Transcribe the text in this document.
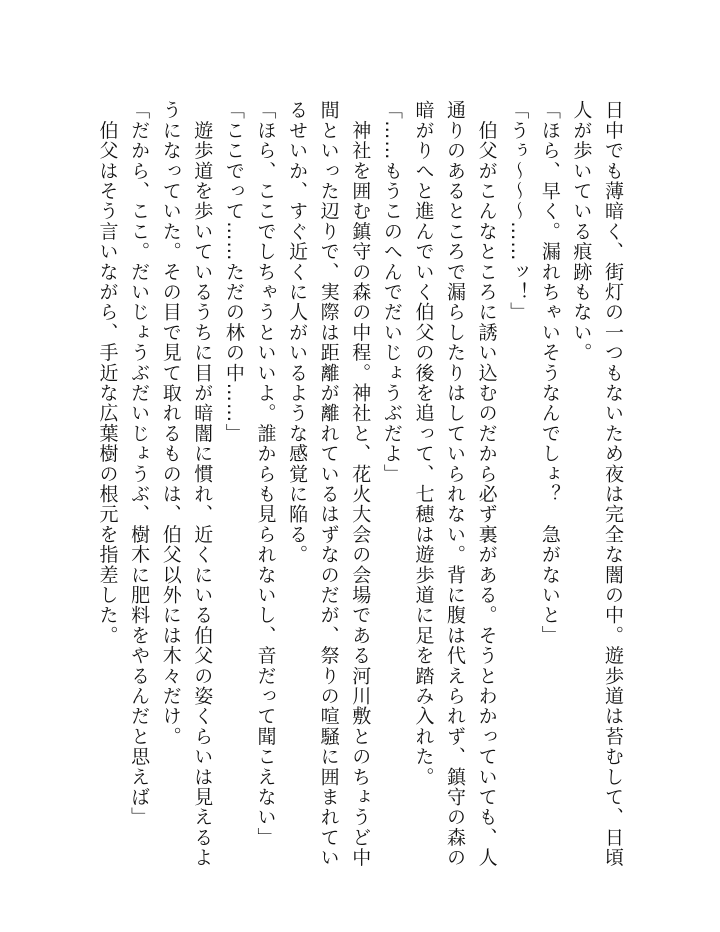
日中でも薄暗く、街灯の一つもないため夜は完全な闇の中。遊歩道は苔むして、日頃人が歩いている痕跡もない。

「ほら、早く。漏れちゃいそうなんでしょ？　急がないと」

「うぅ～～～……ッ！」

　伯父がこんなところに誘い込むのだから必ず裏がある。そうとわかっていても、人通りのあるところで漏らしたりはしていられない。背に腹は代えられず、鎮守の森の暗がりへと進んでいく伯父の後を追って、七穂は遊歩道に足を踏み入れた。

「……もうこのへんでだいじょうぶだよ」

　神社を囲む鎮守の森の中程。神社と、花火大会の会場である河川敷とのちょうど中間といった辺りで、実際は距離が離れているはずなのだが、祭りの喧騒に囲まれているせいか、すぐ近くに人がいるような感覚に陥る。

「ほら、ここでしちゃうといいよ。誰からも見られないし、音だって聞こえない」

「ここでって……ただの林の中……」

　遊歩道を歩いているうちに目が暗闇に慣れ、近くにいる伯父の姿くらいは見えるようになっていた。その目で見て取れるものは、伯父以外には木々だけ。

「だから、ここ。だいじょうぶだいじょうぶ、樹木に肥料をやるんだと思えば」

　伯父はそう言いながら、手近な広葉樹の根元を指差した。
